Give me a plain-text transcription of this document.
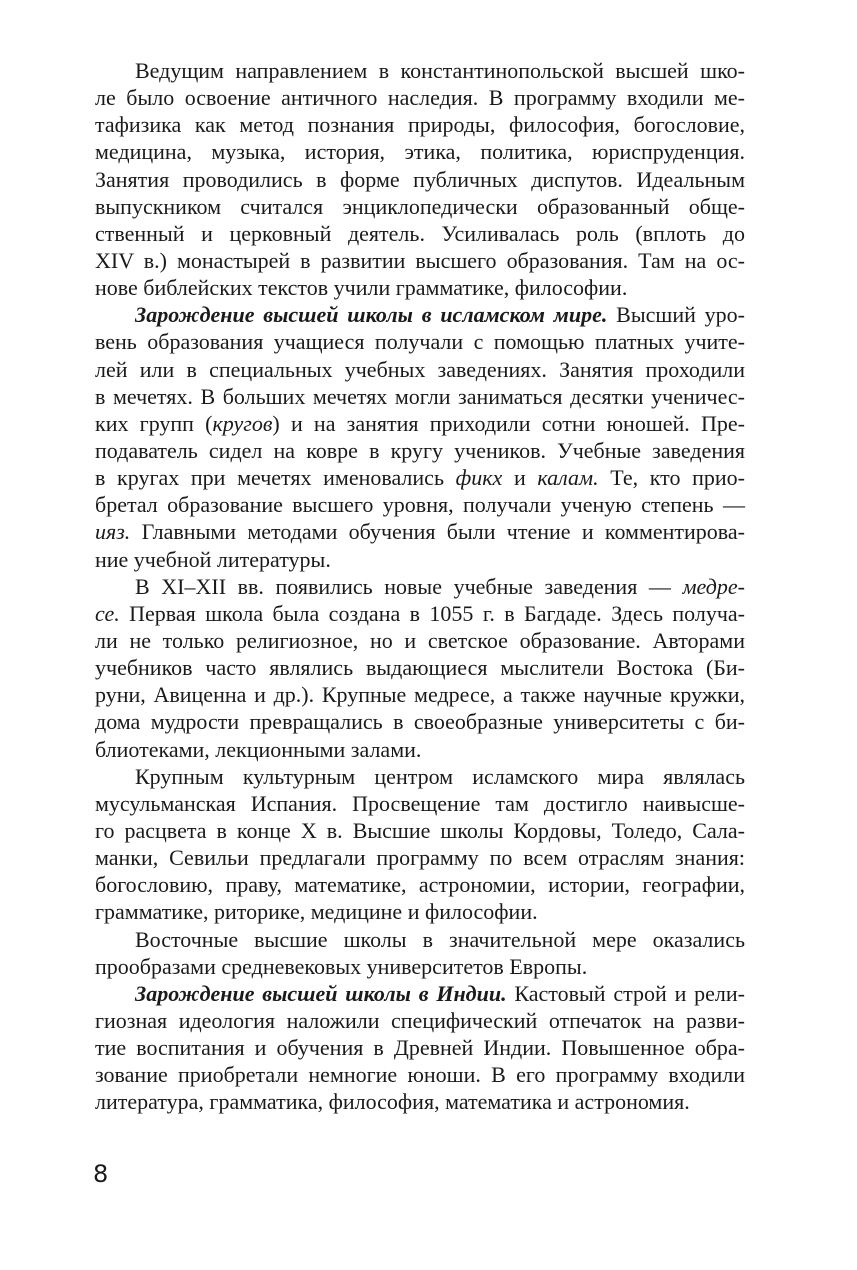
Ведущим направлением в константинопольской высшей шко-
ле было освоение античного наследия. В программу входили ме-
тафизика как метод познания природы, философия, богословие,
медицина, музыка, история, этика, политика, юриспруденция.
Занятия проводились в форме публичных диспутов. Идеальным
выпускником считался энциклопедически образованный обще-
ственный и церковный деятель. Усиливалась роль (вплоть до
XIV в.) монастырей в развитии высшего образования. Там на ос-
нове библейских текстов учили грамматике, философии.
Зарождение высшей школы в исламском мире. Высший уро-
вень образования учащиеся получали с помощью платных учите-
лей или в специальных учебных заведениях. Занятия проходили
в мечетях. В больших мечетях могли заниматься десятки ученичес-
ких групп (кругов) и на занятия приходили сотни юношей. Пре-
подаватель сидел на ковре в кругу учеников. Учебные заведения
в кругах при мечетях именовались фикх и калам. Те, кто прио-
бретал образование высшего уровня, получали ученую степень —
ияз. Главными методами обучения были чтение и комментирова-
ние учебной литературы.
В XI–XII вв. появились новые учебные заведения — медре-
се. Первая школа была создана в 1055 г. в Багдаде. Здесь получа-
ли не только религиозное, но и светское образование. Авторами
учебников часто являлись выдающиеся мыслители Востока (Би-
руни, Авиценна и др.). Крупные медресе, а также научные кружки,
дома мудрости превращались в своеобразные университеты с би-
блиотеками, лекционными залами.
Крупным культурным центром исламского мира являлась
мусульманская Испания. Просвещение там достигло наивысше-
го расцвета в конце X в. Высшие школы Кордовы, Толедо, Сала-
манки, Севильи предлагали программу по всем отраслям знания:
богословию, праву, математике, астрономии, истории, географии,
грамматике, риторике, медицине и философии.
Восточные высшие школы в значительной мере оказались
прообразами средневековых университетов Европы.
Зарождение высшей школы в Индии. Кастовый строй и рели-
гиозная идеология наложили специфический отпечаток на разви-
тие воспитания и обучения в Древней Индии. Повышенное обра-
зование приобретали немногие юноши. В его программу входили
литература, грамматика, философия, математика и астрономия.
8
